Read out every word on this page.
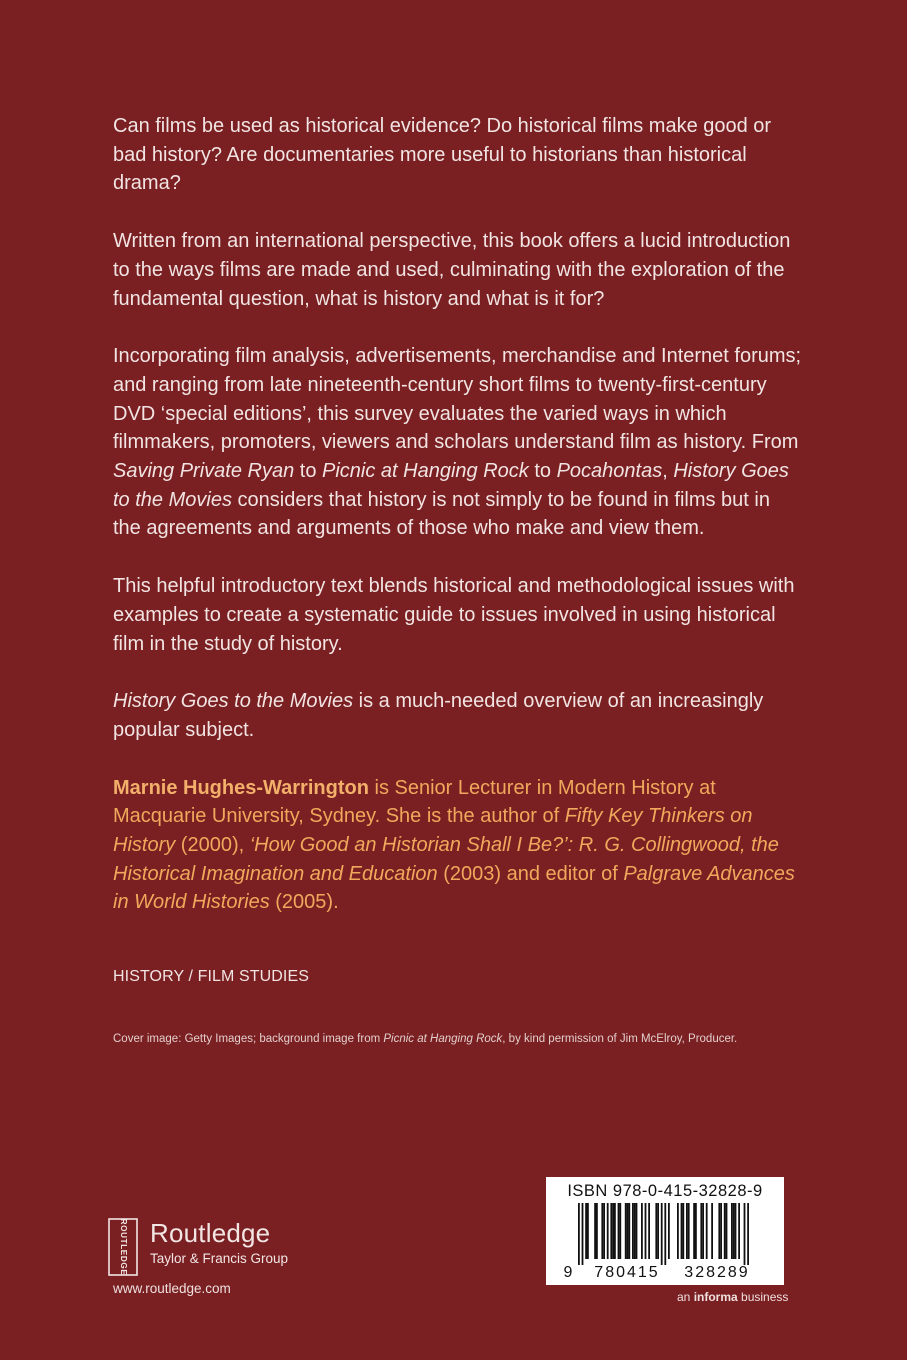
Can films be used as historical evidence? Do historical films make good or bad history? Are documentaries more useful to historians than historical drama?

Written from an international perspective, this book offers a lucid introduction to the ways films are made and used, culminating with the exploration of the fundamental question, what is history and what is it for?

Incorporating film analysis, advertisements, merchandise and Internet forums; and ranging from late nineteenth-century short films to twenty-first-century DVD ‘special editions’, this survey evaluates the varied ways in which filmmakers, promoters, viewers and scholars understand film as history. From Saving Private Ryan to Picnic at Hanging Rock to Pocahontas, History Goes to the Movies considers that history is not simply to be found in films but in the agreements and arguments of those who make and view them.

This helpful introductory text blends historical and methodological issues with examples to create a systematic guide to issues involved in using historical film in the study of history.

History Goes to the Movies is a much-needed overview of an increasingly popular subject.

Marnie Hughes-Warrington is Senior Lecturer in Modern History at Macquarie University, Sydney. She is the author of Fifty Key Thinkers on History (2000), ‘How Good an Historian Shall I Be?’: R. G. Collingwood, the Historical Imagination and Education (2003) and editor of Palgrave Advances in World Histories (2005).

HISTORY / FILM STUDIES
Cover image: Getty Images; background image from Picnic at Hanging Rock, by kind permission of Jim McElroy, Producer.
ROUTLEDGE Routledge
Taylor & Francis Group
www.routledge.com
9 780415 328289
ISBN 978-0-415-32828-9
an informa business
